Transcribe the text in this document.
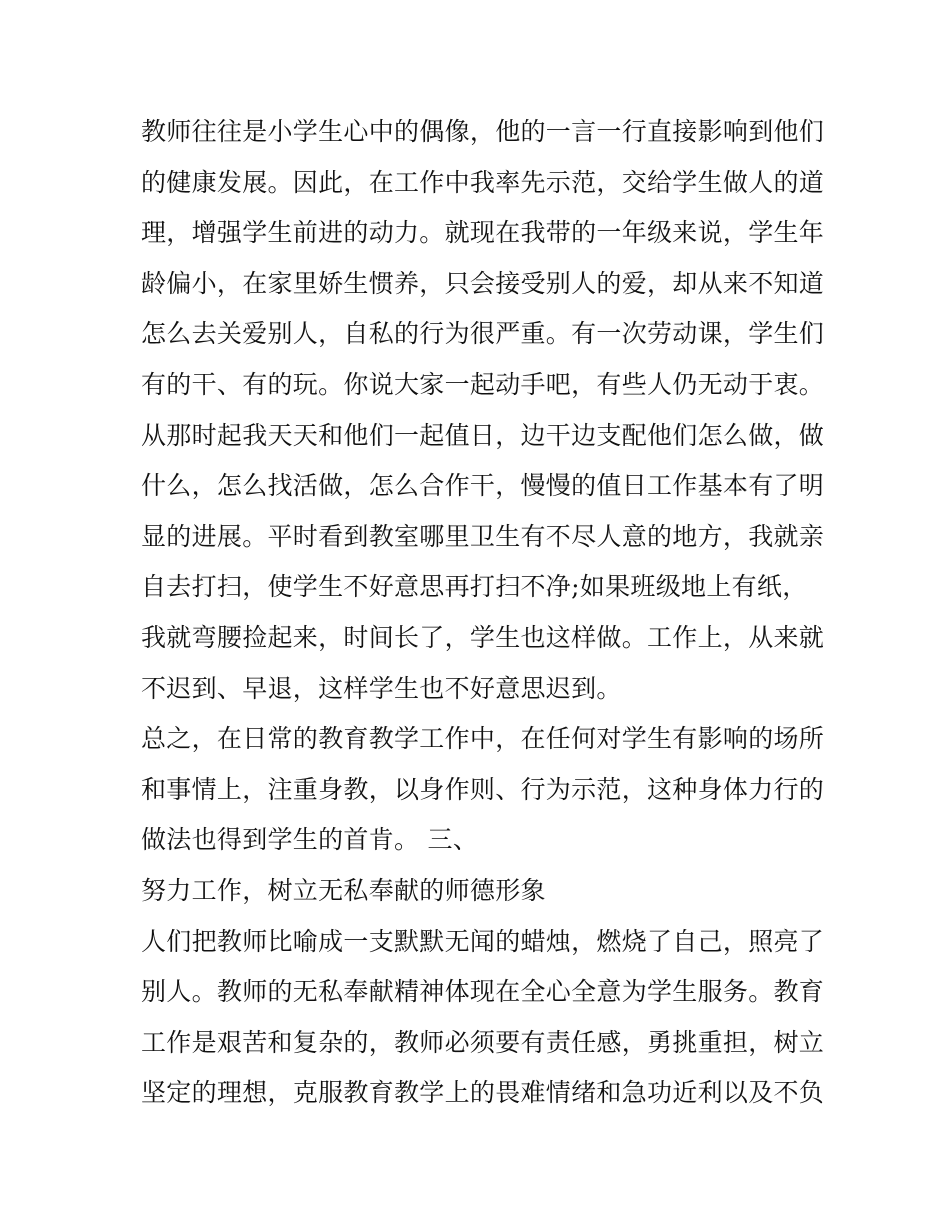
教师往往是小学生心中的偶像，他的一言一行直接影响到他们
的健康发展。因此，在工作中我率先示范，交给学生做人的道
理，增强学生前进的动力。就现在我带的一年级来说，学生年
龄偏小，在家里娇生惯养，只会接受别人的爱，却从来不知道
怎么去关爱别人，自私的行为很严重。有一次劳动课，学生们
有的干、有的玩。你说大家一起动手吧，有些人仍无动于衷。
从那时起我天天和他们一起值日，边干边支配他们怎么做，做
什么，怎么找活做，怎么合作干，慢慢的值日工作基本有了明
显的进展。平时看到教室哪里卫生有不尽人意的地方，我就亲
自去打扫，使学生不好意思再打扫不净;如果班级地上有纸，
我就弯腰捡起来，时间长了，学生也这样做。工作上，从来就
不迟到、早退，这样学生也不好意思迟到。
总之，在日常的教育教学工作中，在任何对学生有影响的场所
和事情上，注重身教，以身作则、行为示范，这种身体力行的
做法也得到学生的首肯。 三、
努力工作，树立无私奉献的师德形象
人们把教师比喻成一支默默无闻的蜡烛，燃烧了自己，照亮了
别人。教师的无私奉献精神体现在全心全意为学生服务。教育
工作是艰苦和复杂的，教师必须要有责任感，勇挑重担，树立
坚定的理想，克服教育教学上的畏难情绪和急功近利以及不负
